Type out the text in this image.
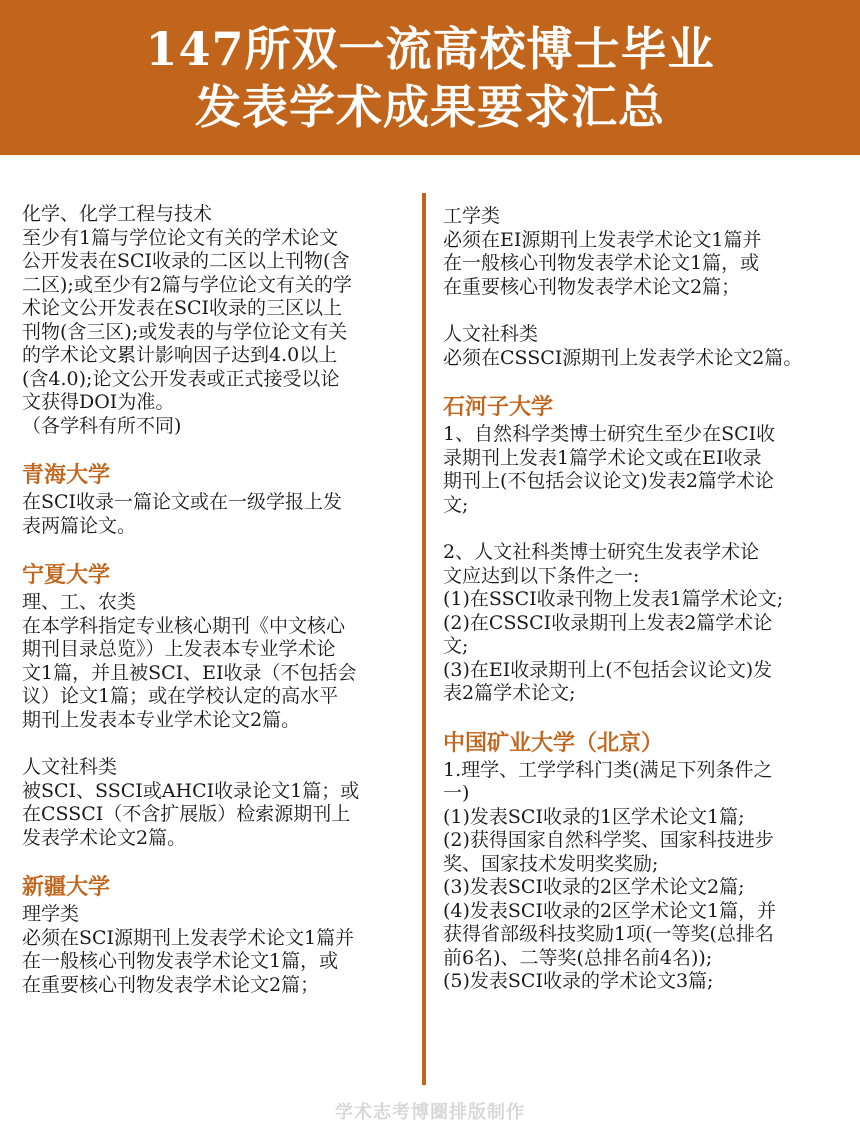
147所双一流高校博士毕业
发表学术成果要求汇总
化学、化学工程与技术
至少有1篇与学位论文有关的学术论文
公开发表在SCI收录的二区以上刊物(含
二区);或至少有2篇与学位论文有关的学
术论文公开发表在SCI收录的三区以上
刊物(含三区);或发表的与学位论文有关
的学术论文累计影响因子达到4.0以上
(含4.0);论文公开发表或正式接受以论
文获得DOI为准。
（各学科有所不同)
青海大学
在SCI收录一篇论文或在一级学报上发
表两篇论文。
宁夏大学
理、工、农类
在本学科指定专业核心期刊《中文核心
期刊目录总览》）上发表本专业学术论
文1篇，并且被SCI、EI收录（不包括会
议）论文1篇；或在学校认定的高水平
期刊上发表本专业学术论文2篇。
人文社科类
被SCI、SSCI或AHCI收录论文1篇；或
在CSSCI（不含扩展版）检索源期刊上
发表学术论文2篇。
新疆大学
理学类
必须在SCI源期刊上发表学术论文1篇并
在一般核心刊物发表学术论文1篇，或
在重要核心刊物发表学术论文2篇；
工学类
必须在EI源期刊上发表学术论文1篇并
在一般核心刊物发表学术论文1篇，或
在重要核心刊物发表学术论文2篇；
人文社科类
必须在CSSCI源期刊上发表学术论文2篇。
石河子大学
1、自然科学类博士研究生至少在SCI收
录期刊上发表1篇学术论文或在EI收录
期刊上(不包括会议论文)发表2篇学术论
文;
2、人文社科类博士研究生发表学术论
文应达到以下条件之一:
(1)在SSCI收录刊物上发表1篇学术论文;
(2)在CSSCI收录期刊上发表2篇学术论
文;
(3)在EI收录期刊上(不包括会议论文)发
表2篇学术论文;
中国矿业大学（北京）
1.理学、工学学科门类(满足下列条件之
一)
(1)发表SCI收录的1区学术论文1篇;
(2)获得国家自然科学奖、国家科技进步
奖、国家技术发明奖奖励;
(3)发表SCI收录的2区学术论文2篇;
(4)发表SCI收录的2区学术论文1篇，并
获得省部级科技奖励1项(一等奖(总排名
前6名)、二等奖(总排名前4名));
(5)发表SCI收录的学术论文3篇;
学术志考博圈排版制作
